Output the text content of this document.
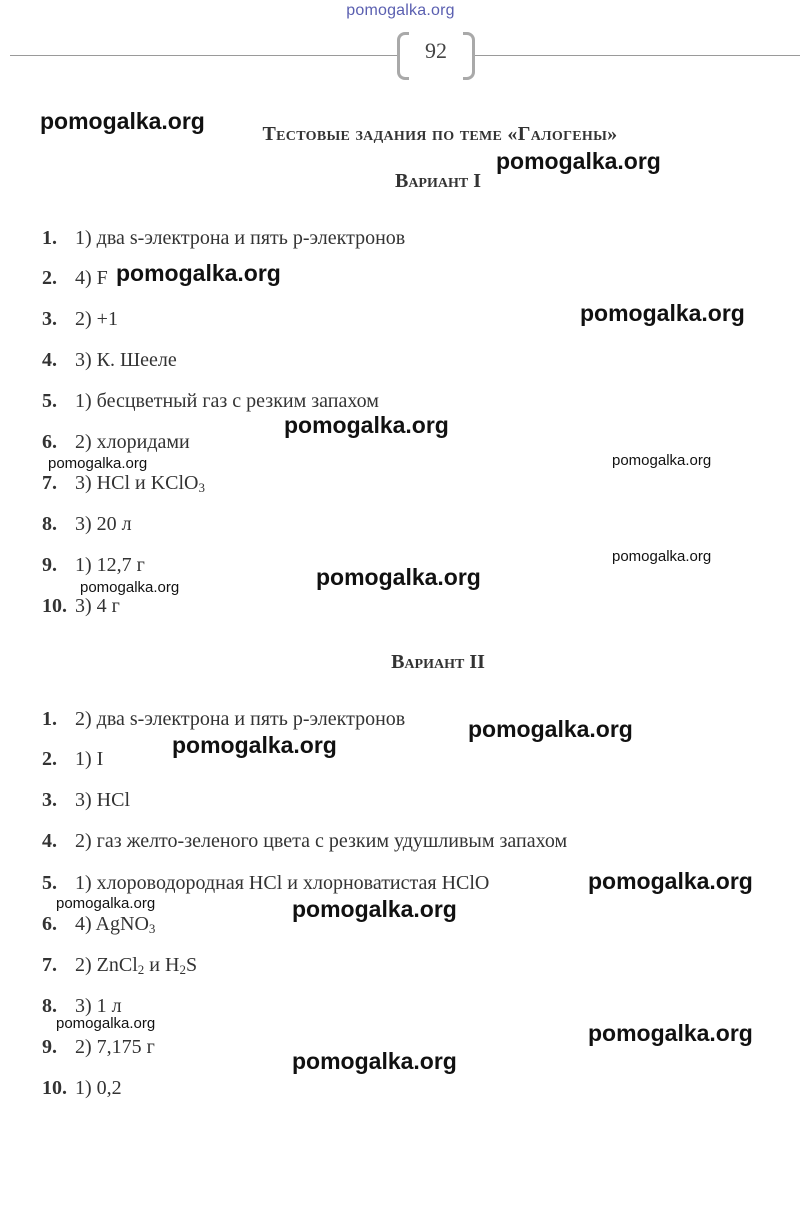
pomogalka.org
92
Тестовые задания по теме «Галогены»
Вариант I
1. 1) два s-электрона и пять p-электронов
2. 4) F
3. 2) +1
4. 3) К. Шееле
5. 1) бесцветный газ с резким запахом
6. 2) хлоридами
7. 3) HCl и KClO$_3$
8. 3) 20 л
9. 1) 12,7 г
10. 3) 4 г
Вариант II
1. 2) два s-электрона и пять p-электронов
2. 1) I
3. 3) HCl
4. 2) газ желто-зеленого цвета с резким удушливым запахом
5. 1) хлороводородная HCl и хлорноватистая HClO
6. 4) AgNO$_3$
7. 2) ZnCl$_2$ и $H_2S$
8. 3) 1 л
9. 2) 7,175 г
10. 1) 0,2
pomogalka.org
pomogalka.org
pomogalka.org
pomogalka.org
pomogalka.org
pomogalka.org	pomogalka.org
pomogalka.org
pomogalka.org
pomogalka.org
pomogalka.org
pomogalka.org
pomogalka.org
pomogalka.org	pomogalka.org
pomogalka.org	pomogalka.org
pomogalka.org
